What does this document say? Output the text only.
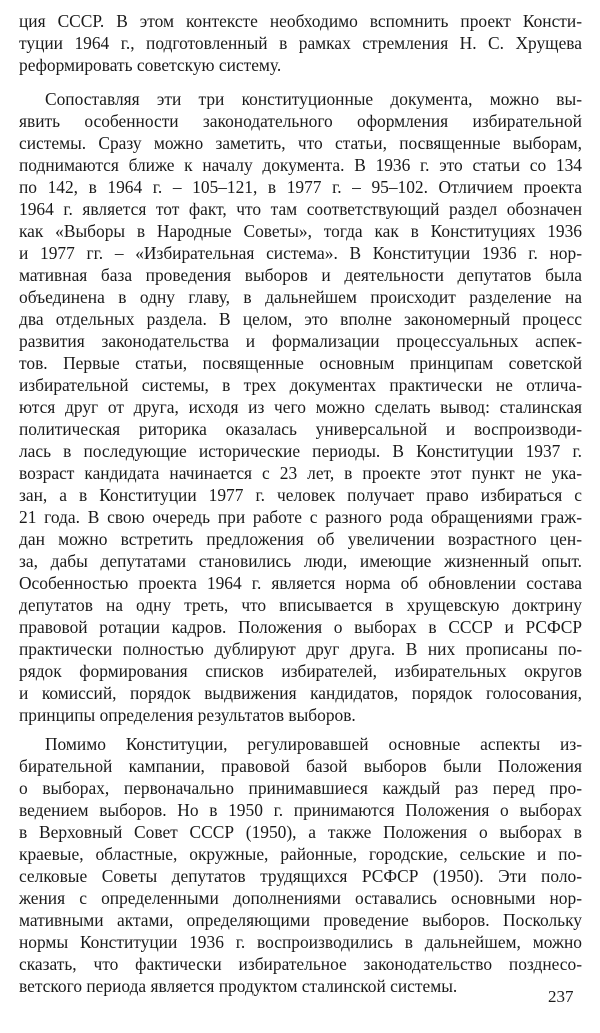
ция СССР. В этом контексте необходимо вспомнить проект Консти-
туции 1964 г., подготовленный в рамках стремления Н. С. Хрущева
реформировать советскую систему.
Сопоставляя эти три конституционные документа, можно вы-
явить особенности законодательного оформления избирательной
системы. Сразу можно заметить, что статьи, посвященные выборам,
поднимаются ближе к началу документа. В 1936 г. это статьи со 134
по 142, в 1964 г. – 105–121, в 1977 г. – 95–102. Отличием проекта
1964 г. является тот факт, что там соответствующий раздел обозначен
как «Выборы в Народные Советы», тогда как в Конституциях 1936
и 1977 гг. – «Избирательная система». В Конституции 1936 г. нор-
мативная база проведения выборов и деятельности депутатов была
объединена в одну главу, в дальнейшем происходит разделение на
два отдельных раздела. В целом, это вполне закономерный процесс
развития законодательства и формализации процессуальных аспек-
тов. Первые статьи, посвященные основным принципам советской
избирательной системы, в трех документах практически не отлича-
ются друг от друга, исходя из чего можно сделать вывод: сталинская
политическая риторика оказалась универсальной и воспроизводи-
лась в последующие исторические периоды. В Конституции 1937 г.
возраст кандидата начинается с 23 лет, в проекте этот пункт не ука-
зан, а в Конституции 1977 г. человек получает право избираться с
21 года. В свою очередь при работе с разного рода обращениями граж-
дан можно встретить предложения об увеличении возрастного цен-
за, дабы депутатами становились люди, имеющие жизненный опыт.
Особенностью проекта 1964 г. является норма об обновлении состава
депутатов на одну треть, что вписывается в хрущевскую доктрину
правовой ротации кадров. Положения о выборах в СССР и РСФСР
практически полностью дублируют друг друга. В них прописаны по-
рядок формирования списков избирателей, избирательных округов
и комиссий, порядок выдвижения кандидатов, порядок голосования,
принципы определения результатов выборов.
Помимо Конституции, регулировавшей основные аспекты из-
бирательной кампании, правовой базой выборов были Положения
о выборах, первоначально принимавшиеся каждый раз перед про-
ведением выборов. Но в 1950 г. принимаются Положения о выборах
в Верховный Совет СССР (1950), а также Положения о выборах в
краевые, областные, окружные, районные, городские, сельские и по-
селковые Советы депутатов трудящихся РСФСР (1950). Эти поло-
жения с определенными дополнениями оставались основными нор-
мативными актами, определяющими проведение выборов. Поскольку
нормы Конституции 1936 г. воспроизводились в дальнейшем, можно
сказать, что фактически избирательное законодательство позднесо-
ветского периода является продуктом сталинской системы.
237
